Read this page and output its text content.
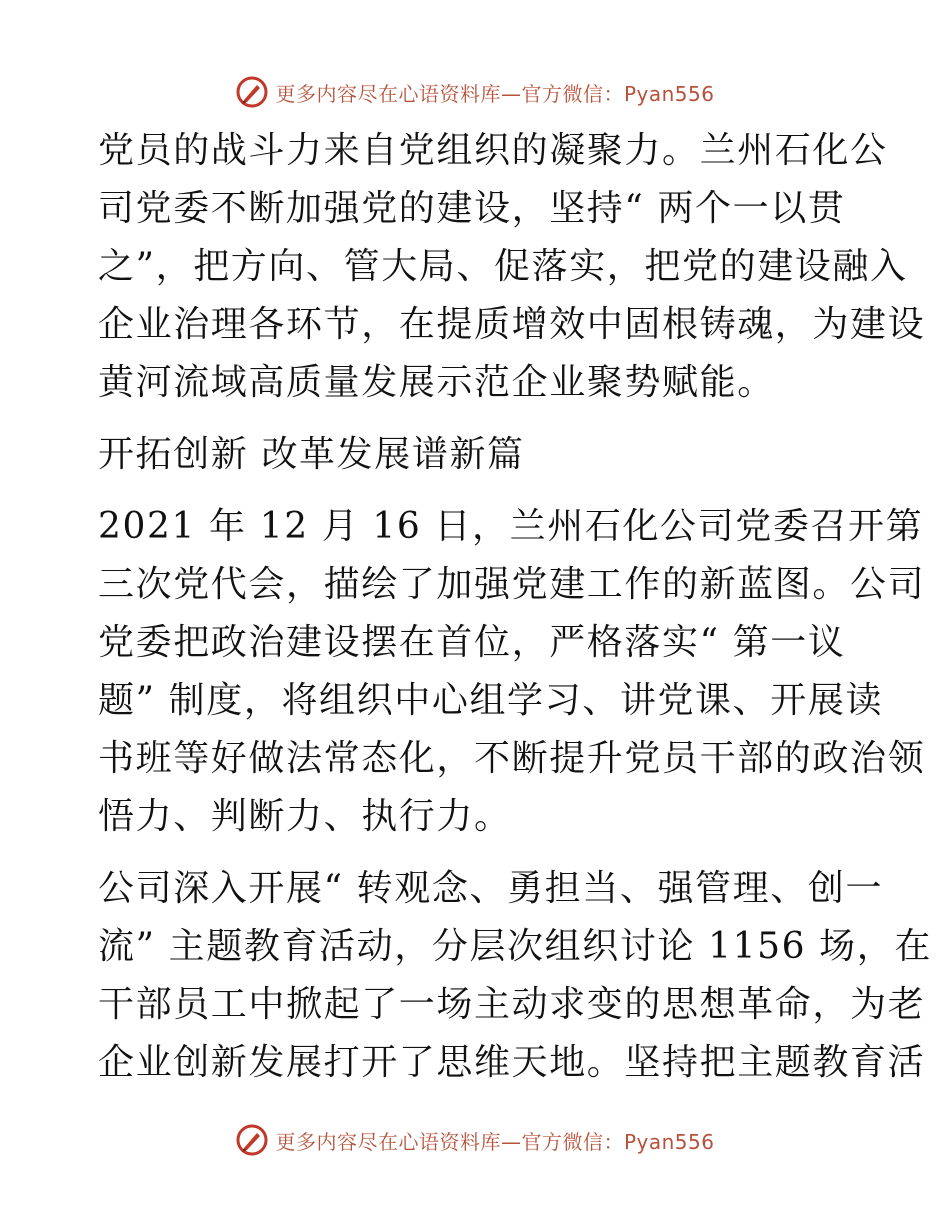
更多内容尽在心语资料库—官方微信：Pyan556

党员的战斗力来自党组织的凝聚力。兰州石化公
司党委不断加强党的建设，坚持“ 两个一以贯
之”，把方向、管大局、促落实，把党的建设融入
企业治理各环节，在提质增效中固根铸魂，为建设
黄河流域高质量发展示范企业聚势赋能。

开拓创新 改革发展谱新篇

2021 年 12 月 16 日，兰州石化公司党委召开第
三次党代会，描绘了加强党建工作的新蓝图。公司
党委把政治建设摆在首位，严格落实“ 第一议
题” 制度，将组织中心组学习、讲党课、开展读
书班等好做法常态化，不断提升党员干部的政治领
悟力、判断力、执行力。

公司深入开展“ 转观念、勇担当、强管理、创一
流” 主题教育活动，分层次组织讨论 1156 场，在
干部员工中掀起了一场主动求变的思想革命，为老
企业创新发展打开了思维天地。坚持把主题教育活

更多内容尽在心语资料库—官方微信：Pyan556
